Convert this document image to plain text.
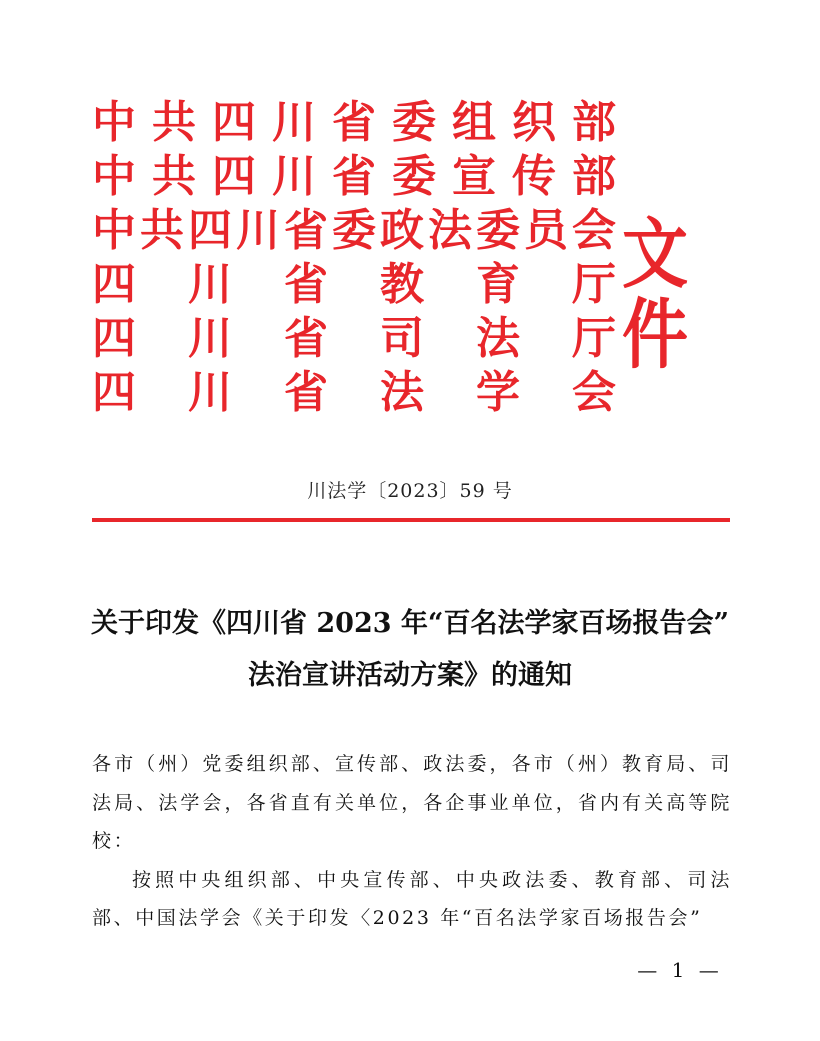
中 共 四 川 省 委 组 织 部
中 共 四 川 省 委 宣 传 部
中 共 四 川 省 委 政 法 委 员 会
四 川 省 教 育 厅
四 川 省 司 法 厅
四 川 省 法 学 会
文件
川法学〔2023〕59 号
关于印发《四川省 2023 年“百名法学家百场报告会”
法治宣讲活动方案》的通知

各市（州）党委组织部、宣传部、政法委，各市（州）教育局、司法局、法学会，各省直有关单位，各企事业单位，省内有关高等院校：

按照中央组织部、中央宣传部、中央政法委、教育部、司法部、中国法学会《关于印发〈2023 年“百名法学家百场报告会”

— 1 —
